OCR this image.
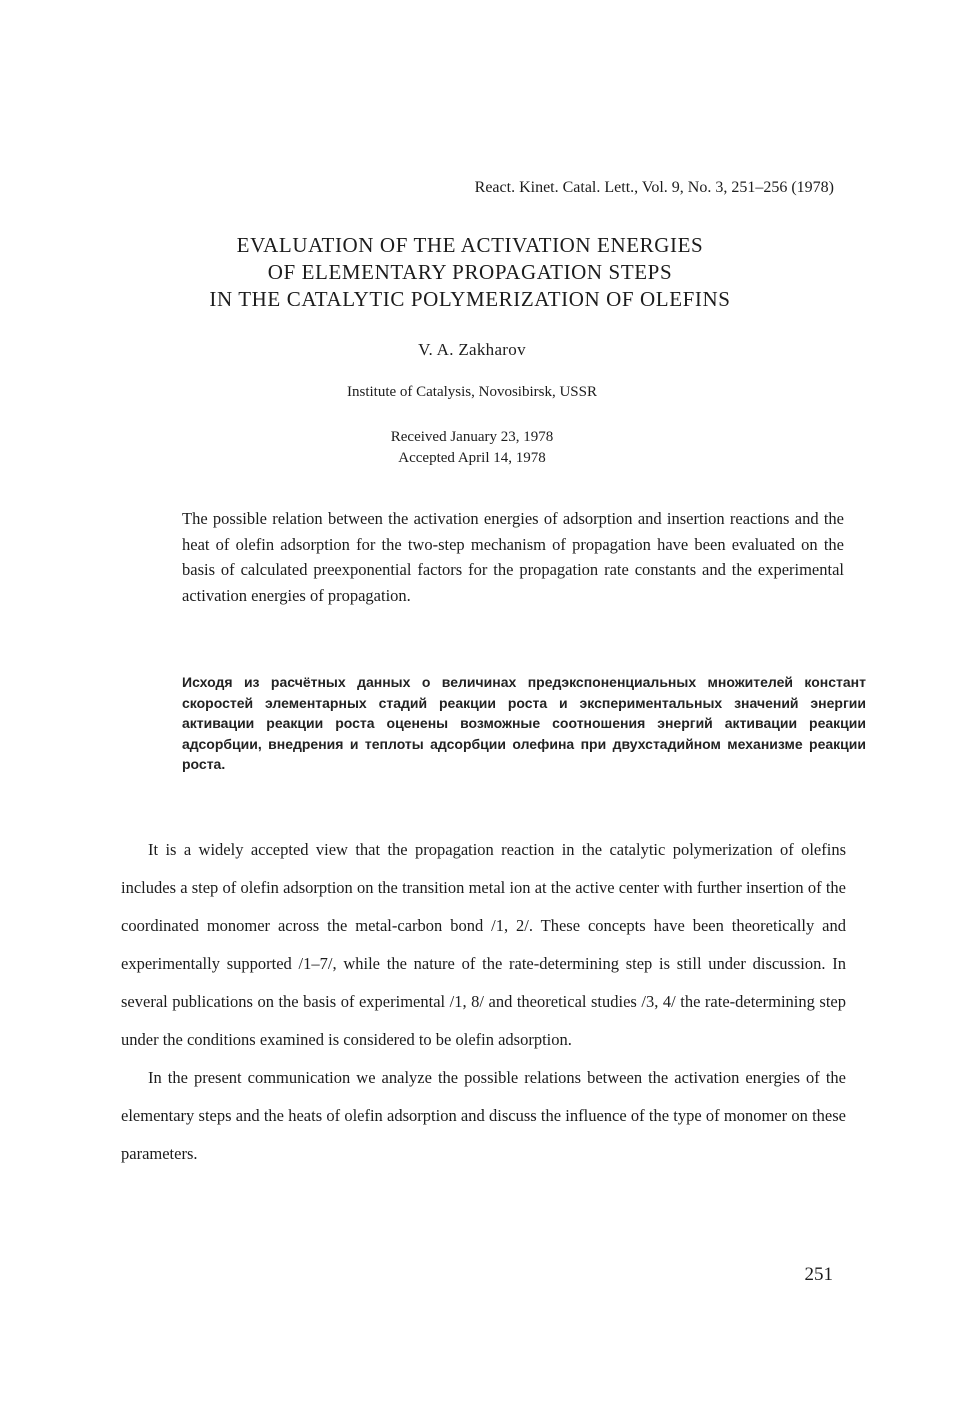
React. Kinet. Catal. Lett., Vol. 9, No. 3, 251–256 (1978)
EVALUATION OF THE ACTIVATION ENERGIES
OF ELEMENTARY PROPAGATION STEPS
IN THE CATALYTIC POLYMERIZATION OF OLEFINS
V. A. Zakharov
Institute of Catalysis, Novosibirsk, USSR
Received January 23, 1978
Accepted April 14, 1978
The possible relation between the activation energies of adsorption and insertion reactions and the heat of olefin adsorption for the two-step mechanism of propagation have been evaluated on the basis of calculated preexponential factors for the propagation rate constants and the experimental activation energies of propagation.
Исходя из расчётных данных о величинах предэкспоненциальных множителей констант скоростей элементарных стадий реакции роста и экспериментальных значений энергии активации реакции роста оценены возможные соотношения энергий активации реакции адсорбции, внедрения и теплоты адсорбции олефина при двухстадийном механизме реакции роста.

It is a widely accepted view that the propagation reaction in the catalytic polymerization of olefins includes a step of olefin adsorption on the transition metal ion at the active center with further insertion of the coordinated monomer across the metal-carbon bond /1, 2/. These concepts have been theoretically and experimentally supported /1–7/, while the nature of the rate-determining step is still under discussion. In several publications on the basis of experimental /1, 8/ and theoretical studies /3, 4/ the rate-determining step under the conditions examined is considered to be olefin adsorption.

In the present communication we analyze the possible relations between the activation energies of the elementary steps and the heats of olefin adsorption and discuss the influence of the type of monomer on these parameters.

251
